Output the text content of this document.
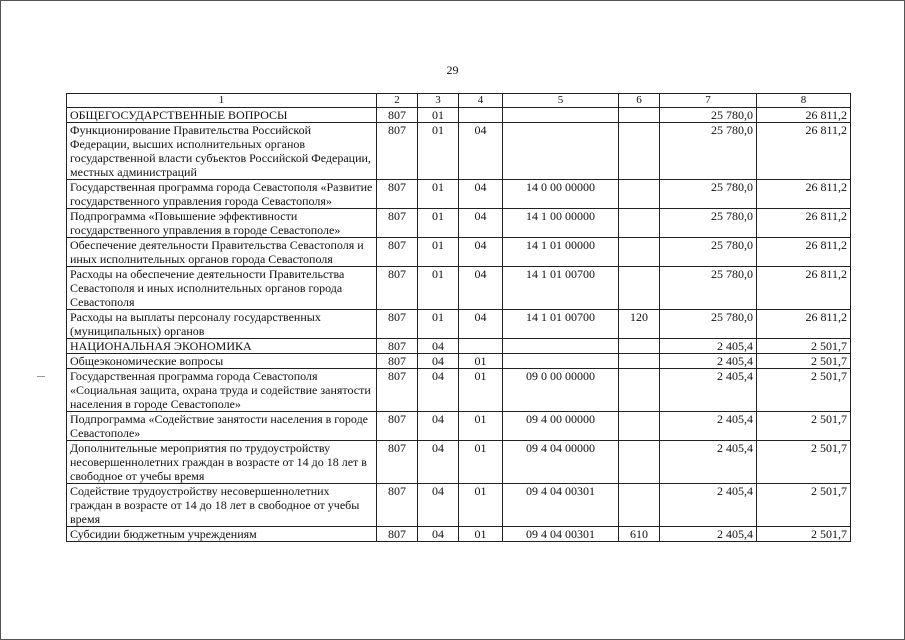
29
1	2	3	4	5	6	7	8
ОБЩЕГОСУДАРСТВЕННЫЕ ВОПРОСЫ	807	01				25 780,0	26 811,2
Функционирование Правительства Российской Федерации, высших исполнительных органов государственной власти субъектов Российской Федерации, местных администраций	807	01	04			25 780,0	26 811,2
Государственная программа города Севастополя «Развитие государственного управления города Севастополя»	807	01	04	14 0 00 00000		25 780,0	26 811,2
Подпрограмма «Повышение эффективности государственного управления в городе Севастополе»	807	01	04	14 1 00 00000		25 780,0	26 811,2
Обеспечение деятельности Правительства Севастополя и иных исполнительных органов города Севастополя	807	01	04	14 1 01 00000		25 780,0	26 811,2
Расходы на обеспечение деятельности Правительства Севастополя и иных исполнительных органов города Севастополя	807	01	04	14 1 01 00700		25 780,0	26 811,2
Расходы на выплаты персоналу государственных (муниципальных) органов	807	01	04	14 1 01 00700	120	25 780,0	26 811,2
НАЦИОНАЛЬНАЯ ЭКОНОМИКА	807	04				2 405,4	2 501,7
Общеэкономические вопросы	807	04	01			2 405,4	2 501,7
Государственная программа города Севастополя «Социальная защита, охрана труда и содействие занятости населения в городе Севастополе»	807	04	01	09 0 00 00000		2 405,4	2 501,7
Подпрограмма «Содействие занятости населения в городе Севастополе»	807	04	01	09 4 00 00000		2 405,4	2 501,7
Дополнительные мероприятия по трудоустройству несовершеннолетних граждан в возрасте от 14 до 18 лет в свободное от учебы время	807	04	01	09 4 04 00000		2 405,4	2 501,7
Содействие трудоустройству несовершеннолетних граждан в возрасте от 14 до 18 лет в свободное от учебы время	807	04	01	09 4 04 00301		2 405,4	2 501,7
Субсидии бюджетным учреждениям	807	04	01	09 4 04 00301	610	2 405,4	2 501,7
